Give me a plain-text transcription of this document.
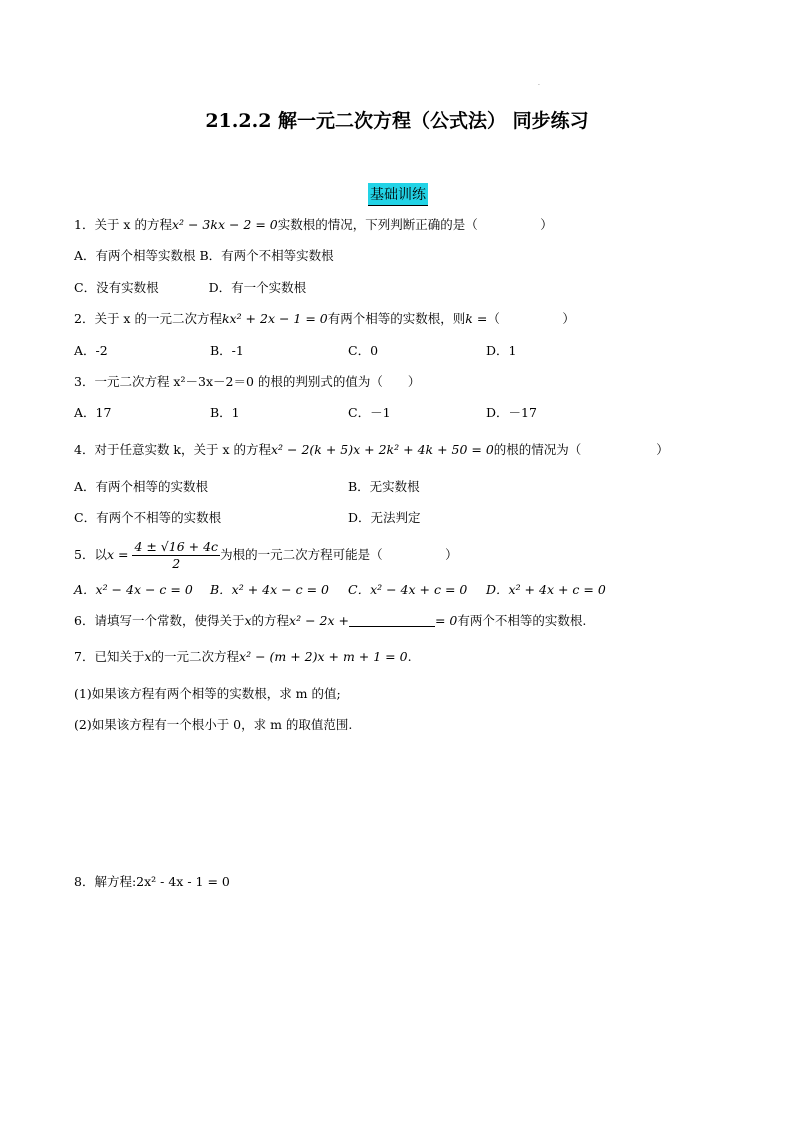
.
21.2.2 解一元二次方程（公式法） 同步练习
基础训练
1．关于 x 的方程x² − 3kx − 2 = 0实数根的情况，下列判断正确的是（　　　　　）
A．有两个相等实数根 B．有两个不相等实数根
C．没有实数根　　　　D．有一个实数根
2．关于 x 的一元二次方程kx² + 2x − 1 = 0有两个相等的实数根，则k =（　　　　　）
A．-2	B．-1	C．0	D．1
3．一元二次方程 x²－3x－2＝0 的根的判别式的值为（　　）
A．17	B．1	C．－1	D．－17
4．对于任意实数 k，关于 x 的方程x² − 2(k + 5)x + 2k² + 4k + 50 = 0的根的情况为（　　　　　　）
A．有两个相等的实数根	B．无实数根
C．有两个不相等的实数根	D．无法判定
5．以$x = \frac{4 \pm √16 + 4c}{2}$ 为根的一元二次方程可能是（　　　　　）
A．x² − 4x − c = 0 B．x² + 4x − c = 0 C．x² − 4x + c = 0 D．x² + 4x + c = 0
6．请填写一个常数，使得关于x的方程x² − 2x +	= 0有两个不相等的实数根.
7．已知关于x的一元二次方程x² − (m + 2)x + m + 1 = 0.
(1)如果该方程有两个相等的实数根，求 m 的值;
(2)如果该方程有一个根小于 0，求 m 的取值范围.
8．解方程:2x² - 4x - 1 = 0
